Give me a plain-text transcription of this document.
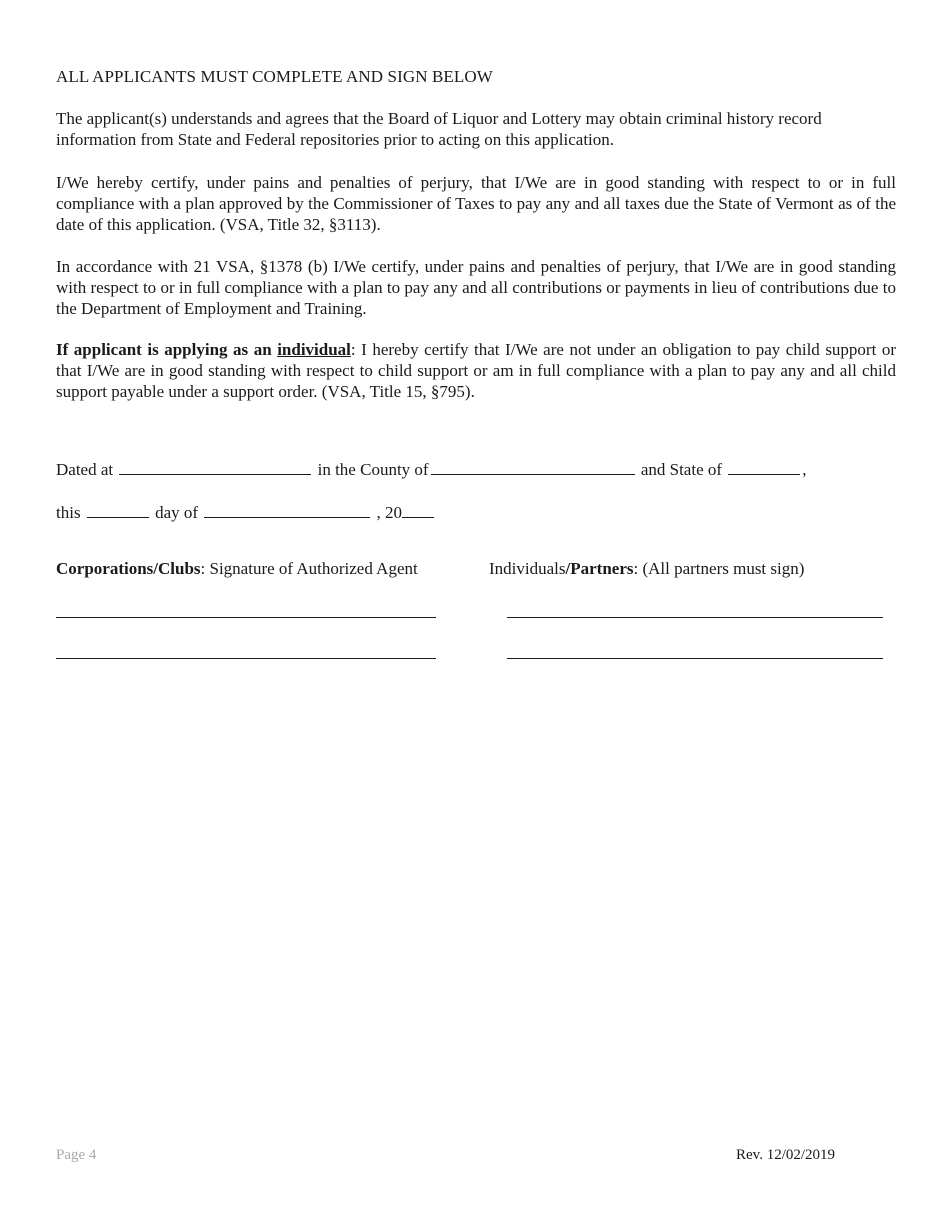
ALL APPLICANTS MUST COMPLETE AND SIGN BELOW
The applicant(s) understands and agrees that the Board of Liquor and Lottery may obtain criminal history record information from State and Federal repositories prior to acting on this application.
I/We hereby certify, under pains and penalties of perjury, that I/We are in good standing with respect to or in full compliance with a plan approved by the Commissioner of Taxes to pay any and all taxes due the State of Vermont as of the date of this application. (VSA, Title 32, §3113).
In accordance with 21 VSA, §1378 (b) I/We certify, under pains and penalties of perjury, that I/We are in good standing with respect to or in full compliance with a plan to pay any and all contributions or payments in lieu of contributions due to the Department of Employment and Training.
If applicant is applying as an individual: I hereby certify that I/We are not under an obligation to pay child support or that I/We are in good standing with respect to child support or am in full compliance with a plan to pay any and all child support payable under a support order. (VSA, Title 15, §795).
Dated at	in the County of	and State of	,
this	day of	, 20
Corporations/Clubs: Signature of Authorized Agent	Individuals/Partners: (All partners must sign)
Page 4	Rev. 12/02/2019
